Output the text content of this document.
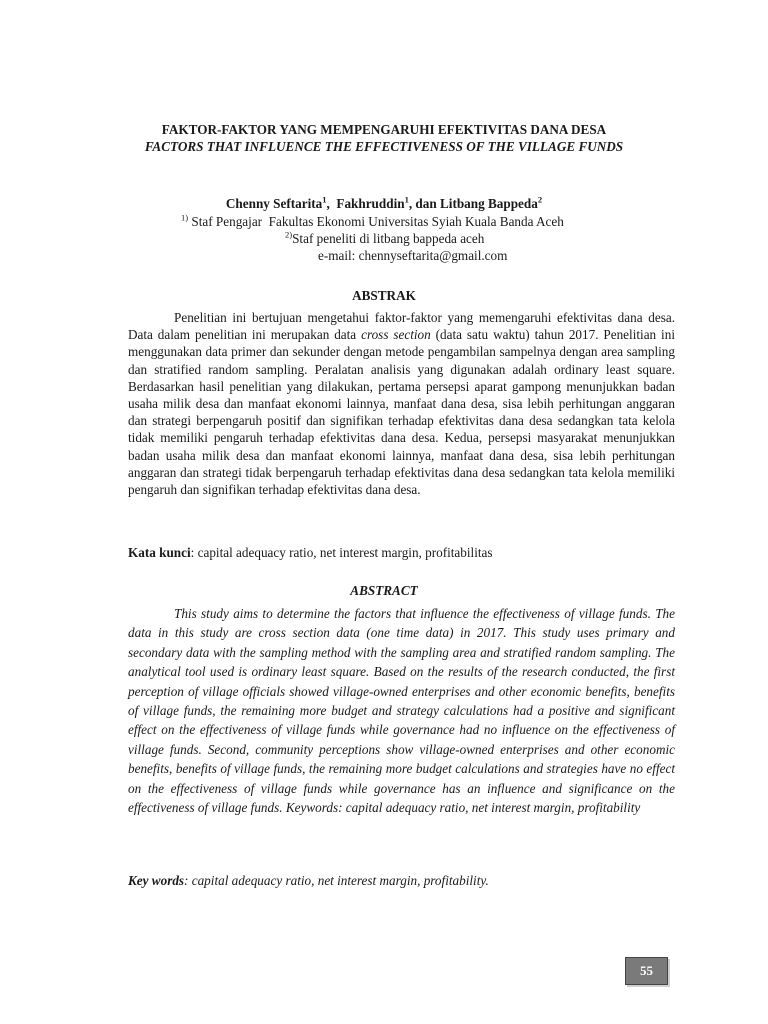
FAKTOR-FAKTOR YANG MEMPENGARUHI EFEKTIVITAS DANA DESA
FACTORS THAT INFLUENCE THE EFFECTIVENESS OF THE VILLAGE FUNDS
Chenny Seftarita$^1$,  Fakhruddin$^1$, dan Litbang Bappeda$^2$
$^{1)}$ Staf Pengajar  Fakultas Ekonomi Universitas Syiah Kuala Banda Aceh
$^{2)}$Staf peneliti di litbang bappeda aceh
e-mail: chennyseftarita@gmail.com
ABSTRAK
Penelitian ini bertujuan mengetahui faktor-faktor yang memengaruhi efektivitas dana desa. Data dalam penelitian ini merupakan data cross section (data satu waktu) tahun 2017. Penelitian ini menggunakan data primer dan sekunder dengan metode pengambilan sampelnya dengan area sampling dan stratified random sampling. Peralatan analisis yang digunakan adalah ordinary least square. Berdasarkan hasil penelitian yang dilakukan, pertama persepsi aparat gampong menunjukkan badan usaha milik desa dan manfaat ekonomi lainnya, manfaat dana desa, sisa lebih perhitungan anggaran dan strategi berpengaruh positif dan signifikan terhadap efektivitas dana desa sedangkan tata kelola tidak memiliki pengaruh terhadap efektivitas dana desa. Kedua, persepsi masyarakat menunjukkan badan usaha milik desa dan manfaat ekonomi lainnya, manfaat dana desa, sisa lebih perhitungan anggaran dan strategi tidak berpengaruh terhadap efektivitas dana desa sedangkan tata kelola memiliki pengaruh dan signifikan terhadap efektivitas dana desa.
Kata kunci: capital adequacy ratio, net interest margin, profitabilitas
ABSTRACT
This study aims to determine the factors that influence the effectiveness of village funds. The data in this study are cross section data (one time data) in 2017. This study uses primary and secondary data with the sampling method with the sampling area and stratified random sampling. The analytical tool used is ordinary least square. Based on the results of the research conducted, the first perception of village officials showed village-owned enterprises and other economic benefits, benefits of village funds, the remaining more budget and strategy calculations had a positive and significant effect on the effectiveness of village funds while governance had no influence on the effectiveness of village funds. Second, community perceptions show village-owned enterprises and other economic benefits, benefits of village funds, the remaining more budget calculations and strategies have no effect on the effectiveness of village funds while governance has an influence and significance on the effectiveness of village funds. Keywords: capital adequacy ratio, net interest margin, profitability
Key words: capital adequacy ratio, net interest margin, profitability.
55
